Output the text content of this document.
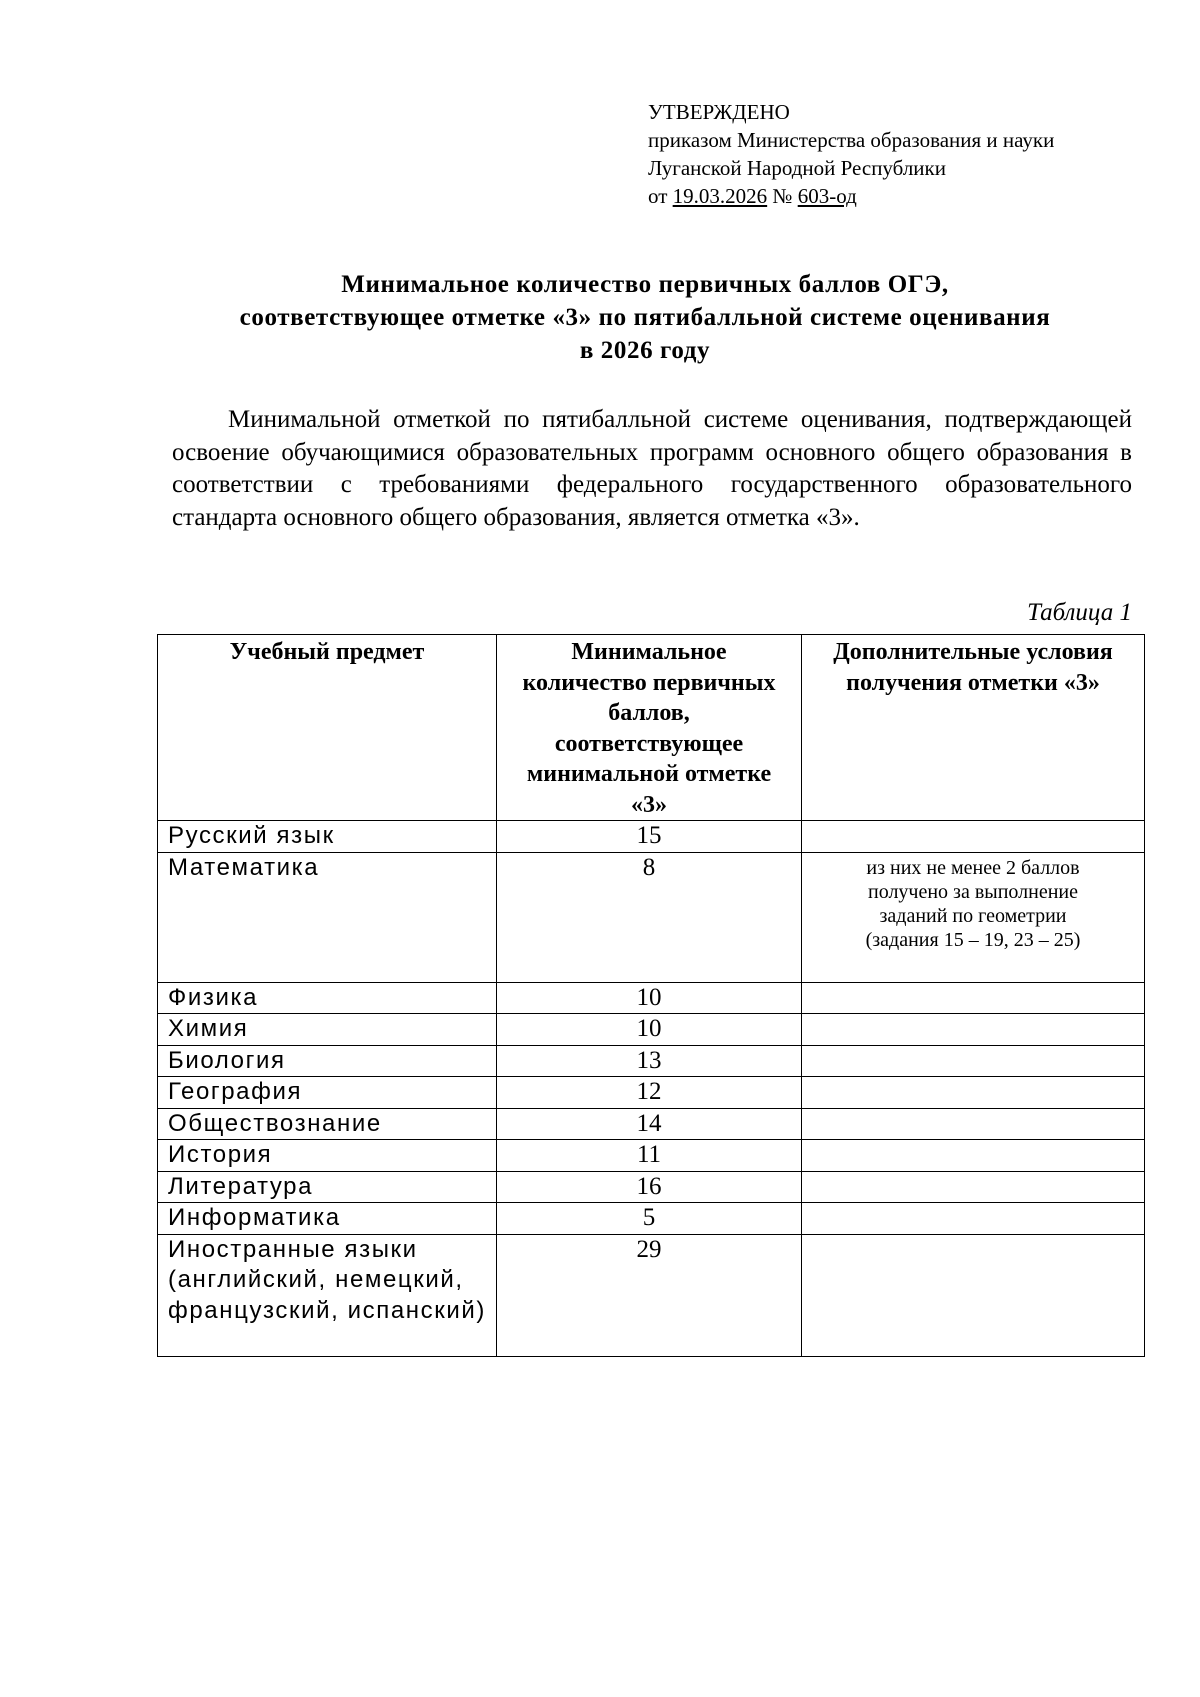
УТВЕРЖДЕНО
приказом Министерства образования и науки
Луганской Народной Республики
от 19.03.2026 № 603-од
Минимальное количество первичных баллов ОГЭ,
соответствующее отметке «3» по пятибалльной системе оценивания
в 2026 году
Минимальной отметкой по пятибалльной системе оценивания, подтверждающей освоение обучающимися образовательных программ основного общего образования в соответствии с требованиями федерального государственного образовательного стандарта основного общего образования, является отметка «3».
Таблица 1
Учебный предмет	Минимальное количество первичных баллов, соответствующее минимальной отметке «3»	Дополнительные условия получения отметки «3»
Русский язык	15	
Математика	8	из них не менее 2 баллов получено за выполнение заданий по геометрии (задания 15 – 19, 23 – 25)
Физика	10	
Химия	10	
Биология	13	
География	12	
Обществознание	14	
История	11	
Литература	16	
Информатика	5	
Иностранные языки (английский, немецкий, французский, испанский)	29	
